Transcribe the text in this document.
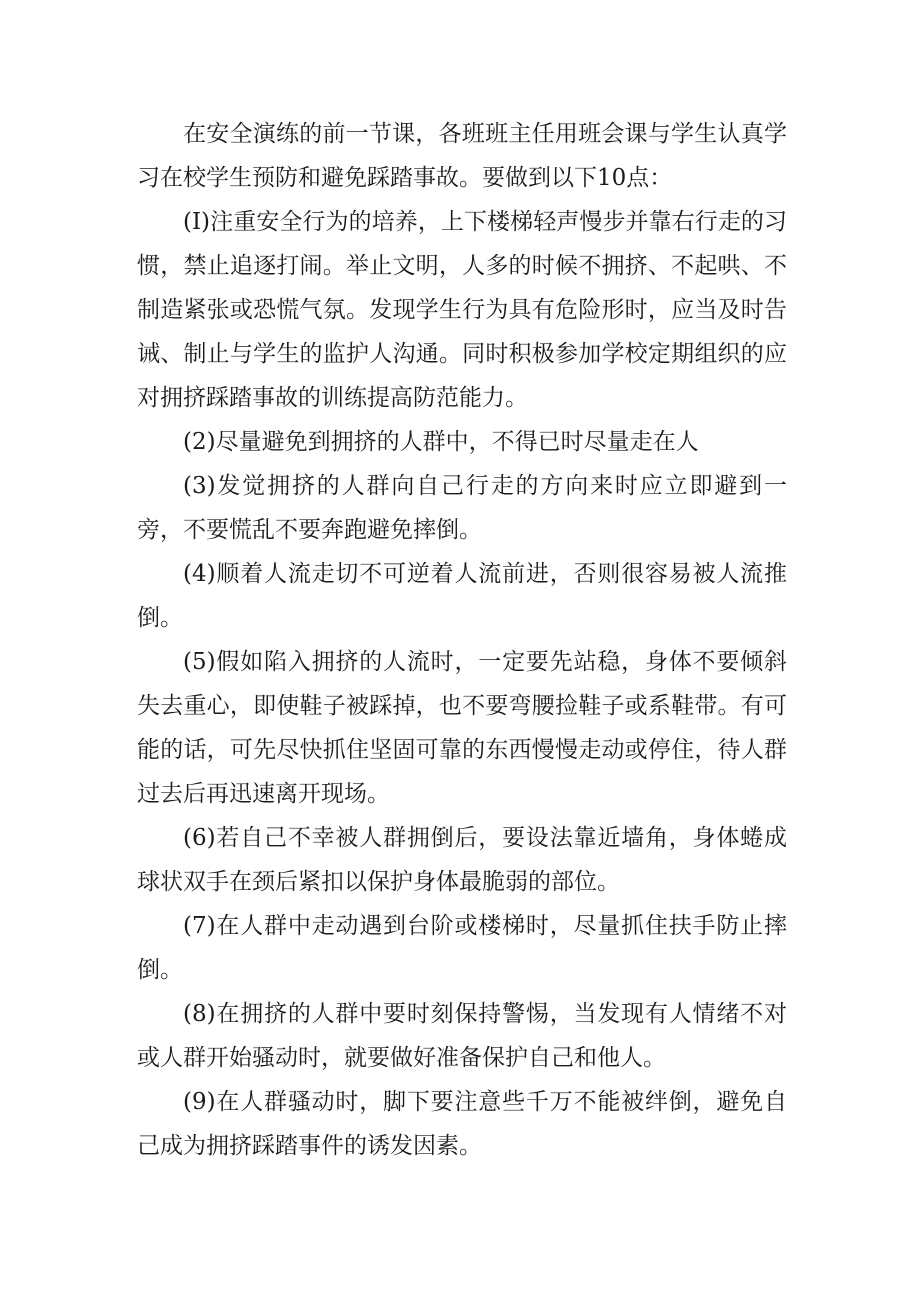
在安全演练的前一节课，各班班主任用班会课与学生认真学习在校学生预防和避免踩踏事故。要做到以下10点：

(I)注重安全行为的培养，上下楼梯轻声慢步并靠右行走的习惯，禁止追逐打闹。举止文明，人多的时候不拥挤、不起哄、不制造紧张或恐慌气氛。发现学生行为具有危险形时，应当及时告诫、制止与学生的监护人沟通。同时积极参加学校定期组织的应对拥挤踩踏事故的训练提高防范能力。

(2)尽量避免到拥挤的人群中，不得已时尽量走在人

(3)发觉拥挤的人群向自己行走的方向来时应立即避到一旁，不要慌乱不要奔跑避免摔倒。

(4)顺着人流走切不可逆着人流前进，否则很容易被人流推倒。

(5)假如陷入拥挤的人流时，一定要先站稳，身体不要倾斜失去重心，即使鞋子被踩掉，也不要弯腰捡鞋子或系鞋带。有可能的话，可先尽快抓住坚固可靠的东西慢慢走动或停住，待人群过去后再迅速离开现场。

(6)若自己不幸被人群拥倒后，要设法靠近墙角，身体蜷成球状双手在颈后紧扣以保护身体最脆弱的部位。

(7)在人群中走动遇到台阶或楼梯时，尽量抓住扶手防止摔倒。

(8)在拥挤的人群中要时刻保持警惕，当发现有人情绪不对或人群开始骚动时，就要做好准备保护自己和他人。

(9)在人群骚动时，脚下要注意些千万不能被绊倒，避免自己成为拥挤踩踏事件的诱发因素。
